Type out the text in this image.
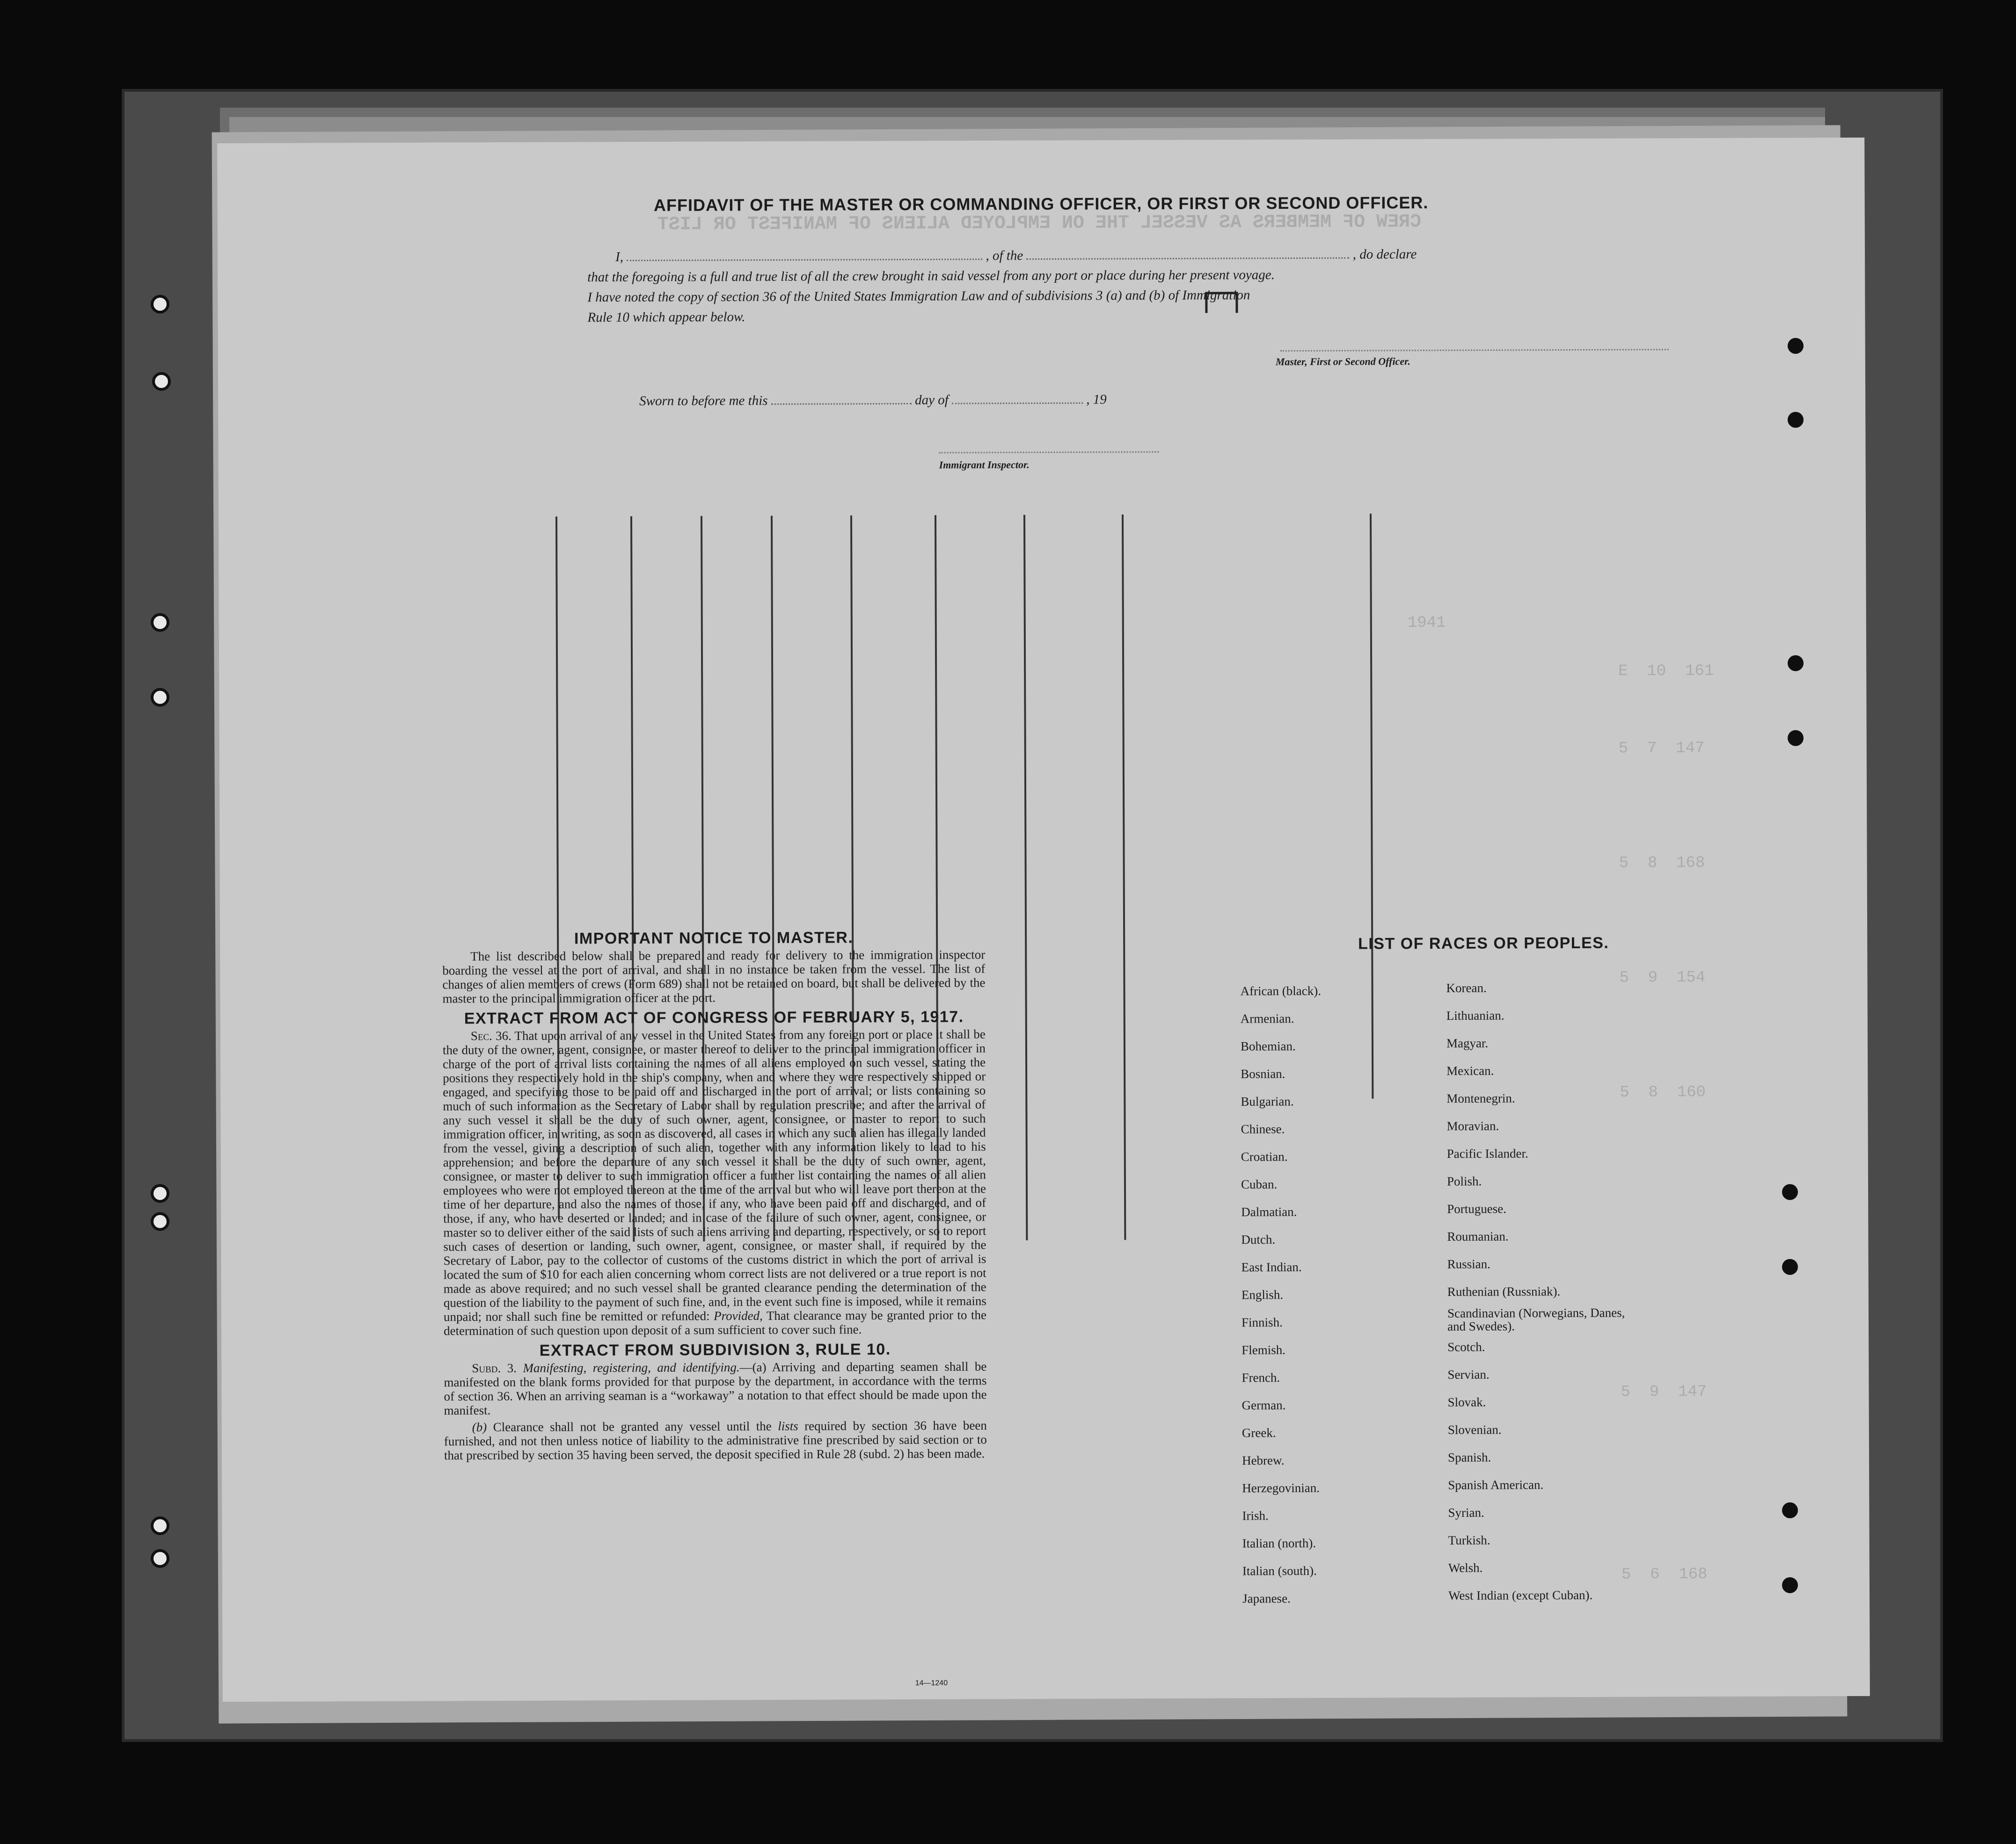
CREW OF MEMBERS AS VESSEL THE ON EMPLOYED ALIENS OF MANIFEST OR LIST
1941
E  10  161
5  7  147
5  8  168
5  9  154
5  8  160
5  9  147
5  6  168
AFFIDAVIT OF THE MASTER OR COMMANDING OFFICER, OR FIRST OR SECOND OFFICER.
I,	, of the	, do declare
that the foregoing is a full and true list of all the crew brought in said vessel from any port or place during her present voyage.
I have noted the copy of section 36 of the United States Immigration Law and of subdivisions 3 (a) and (b) of Immigration
Rule 10 which appear below.
Master, First or Second Officer.
Sworn to before me this	day of	, 19
Immigrant Inspector.
IMPORTANT NOTICE TO MASTER.

The list described below shall be prepared and ready for delivery to the immigration inspector boarding the vessel at the port of arrival, and shall in no instance be taken from the vessel. The list of changes of alien members of crews (Form 689) shall not be retained on board, but shall be delivered by the master to the principal immigration officer at the port.

EXTRACT FROM ACT OF CONGRESS OF FEBRUARY 5, 1917.

Sec. 36. That upon arrival of any vessel in the United States from any foreign port or place it shall be the duty of the owner, agent, consignee, or master thereof to deliver to the principal immigration officer in charge of the port of arrival lists containing the names of all aliens employed on such vessel, stating the positions they respectively hold in the ship's company, when and where they were respectively shipped or engaged, and specifying those to be paid off and discharged in the port of arrival; or lists containing so much of such information as the Secretary of Labor shall by regulation prescribe; and after the arrival of any such vessel it shall be the duty of such owner, agent, consignee, or master to report to such immigration officer, in writing, as soon as discovered, all cases in which any such alien has illegally landed from the vessel, giving a description of such alien, together with any information likely to lead to his apprehension; and before the departure of any such vessel it shall be the duty of such owner, agent, consignee, or master to deliver to such immigration officer a further list containing the names of all alien employees who were not employed thereon at the time of the arrival but who will leave port thereon at the time of her departure, and also the names of those, if any, who have been paid off and discharged, and of those, if any, who have deserted or landed; and in case of the failure of such owner, agent, consignee, or master so to deliver either of the said lists of such aliens arriving and departing, respectively, or so to report such cases of desertion or landing, such owner, agent, consignee, or master shall, if required by the Secretary of Labor, pay to the collector of customs of the customs district in which the port of arrival is located the sum of $10 for each alien concerning whom correct lists are not delivered or a true report is not made as above required; and no such vessel shall be granted clearance pending the determination of the question of the liability to the payment of such fine, and, in the event such fine is imposed, while it remains unpaid; nor shall such fine be remitted or refunded: Provided, That clearance may be granted prior to the determination of such question upon deposit of a sum sufficient to cover such fine.

EXTRACT FROM SUBDIVISION 3, RULE 10.

Subd. 3. Manifesting, registering, and identifying.—(a) Arriving and departing seamen shall be manifested on the blank forms provided for that purpose by the department, in accordance with the terms of section 36. When an arriving seaman is a “workaway” a notation to that effect should be made upon the manifest.

(b) Clearance shall not be granted any vessel until the lists required by section 36 have been furnished, and not then unless notice of liability to the administrative fine prescribed by said section or to that prescribed by section 35 having been served, the deposit specified in Rule 28 (subd. 2) has been made.

14—1240
LIST OF RACES OR PEOPLES.
African (black).
Armenian.
Bohemian.
Bosnian.
Bulgarian.
Chinese.
Croatian.
Cuban.
Dalmatian.
Dutch.
East Indian.
English.
Finnish.
Flemish.
French.
German.
Greek.
Hebrew.
Herzegovinian.
Irish.
Italian (north).
Italian (south).
Japanese.
Korean.
Lithuanian.
Magyar.
Mexican.
Montenegrin.
Moravian.
Pacific Islander.
Polish.
Portuguese.
Roumanian.
Russian.
Ruthenian (Russniak).
Scandinavian (Norwegians, Danes, and Swedes).
Scotch.
Servian.
Slovak.
Slovenian.
Spanish.
Spanish American.
Syrian.
Turkish.
Welsh.
West Indian (except Cuban).
